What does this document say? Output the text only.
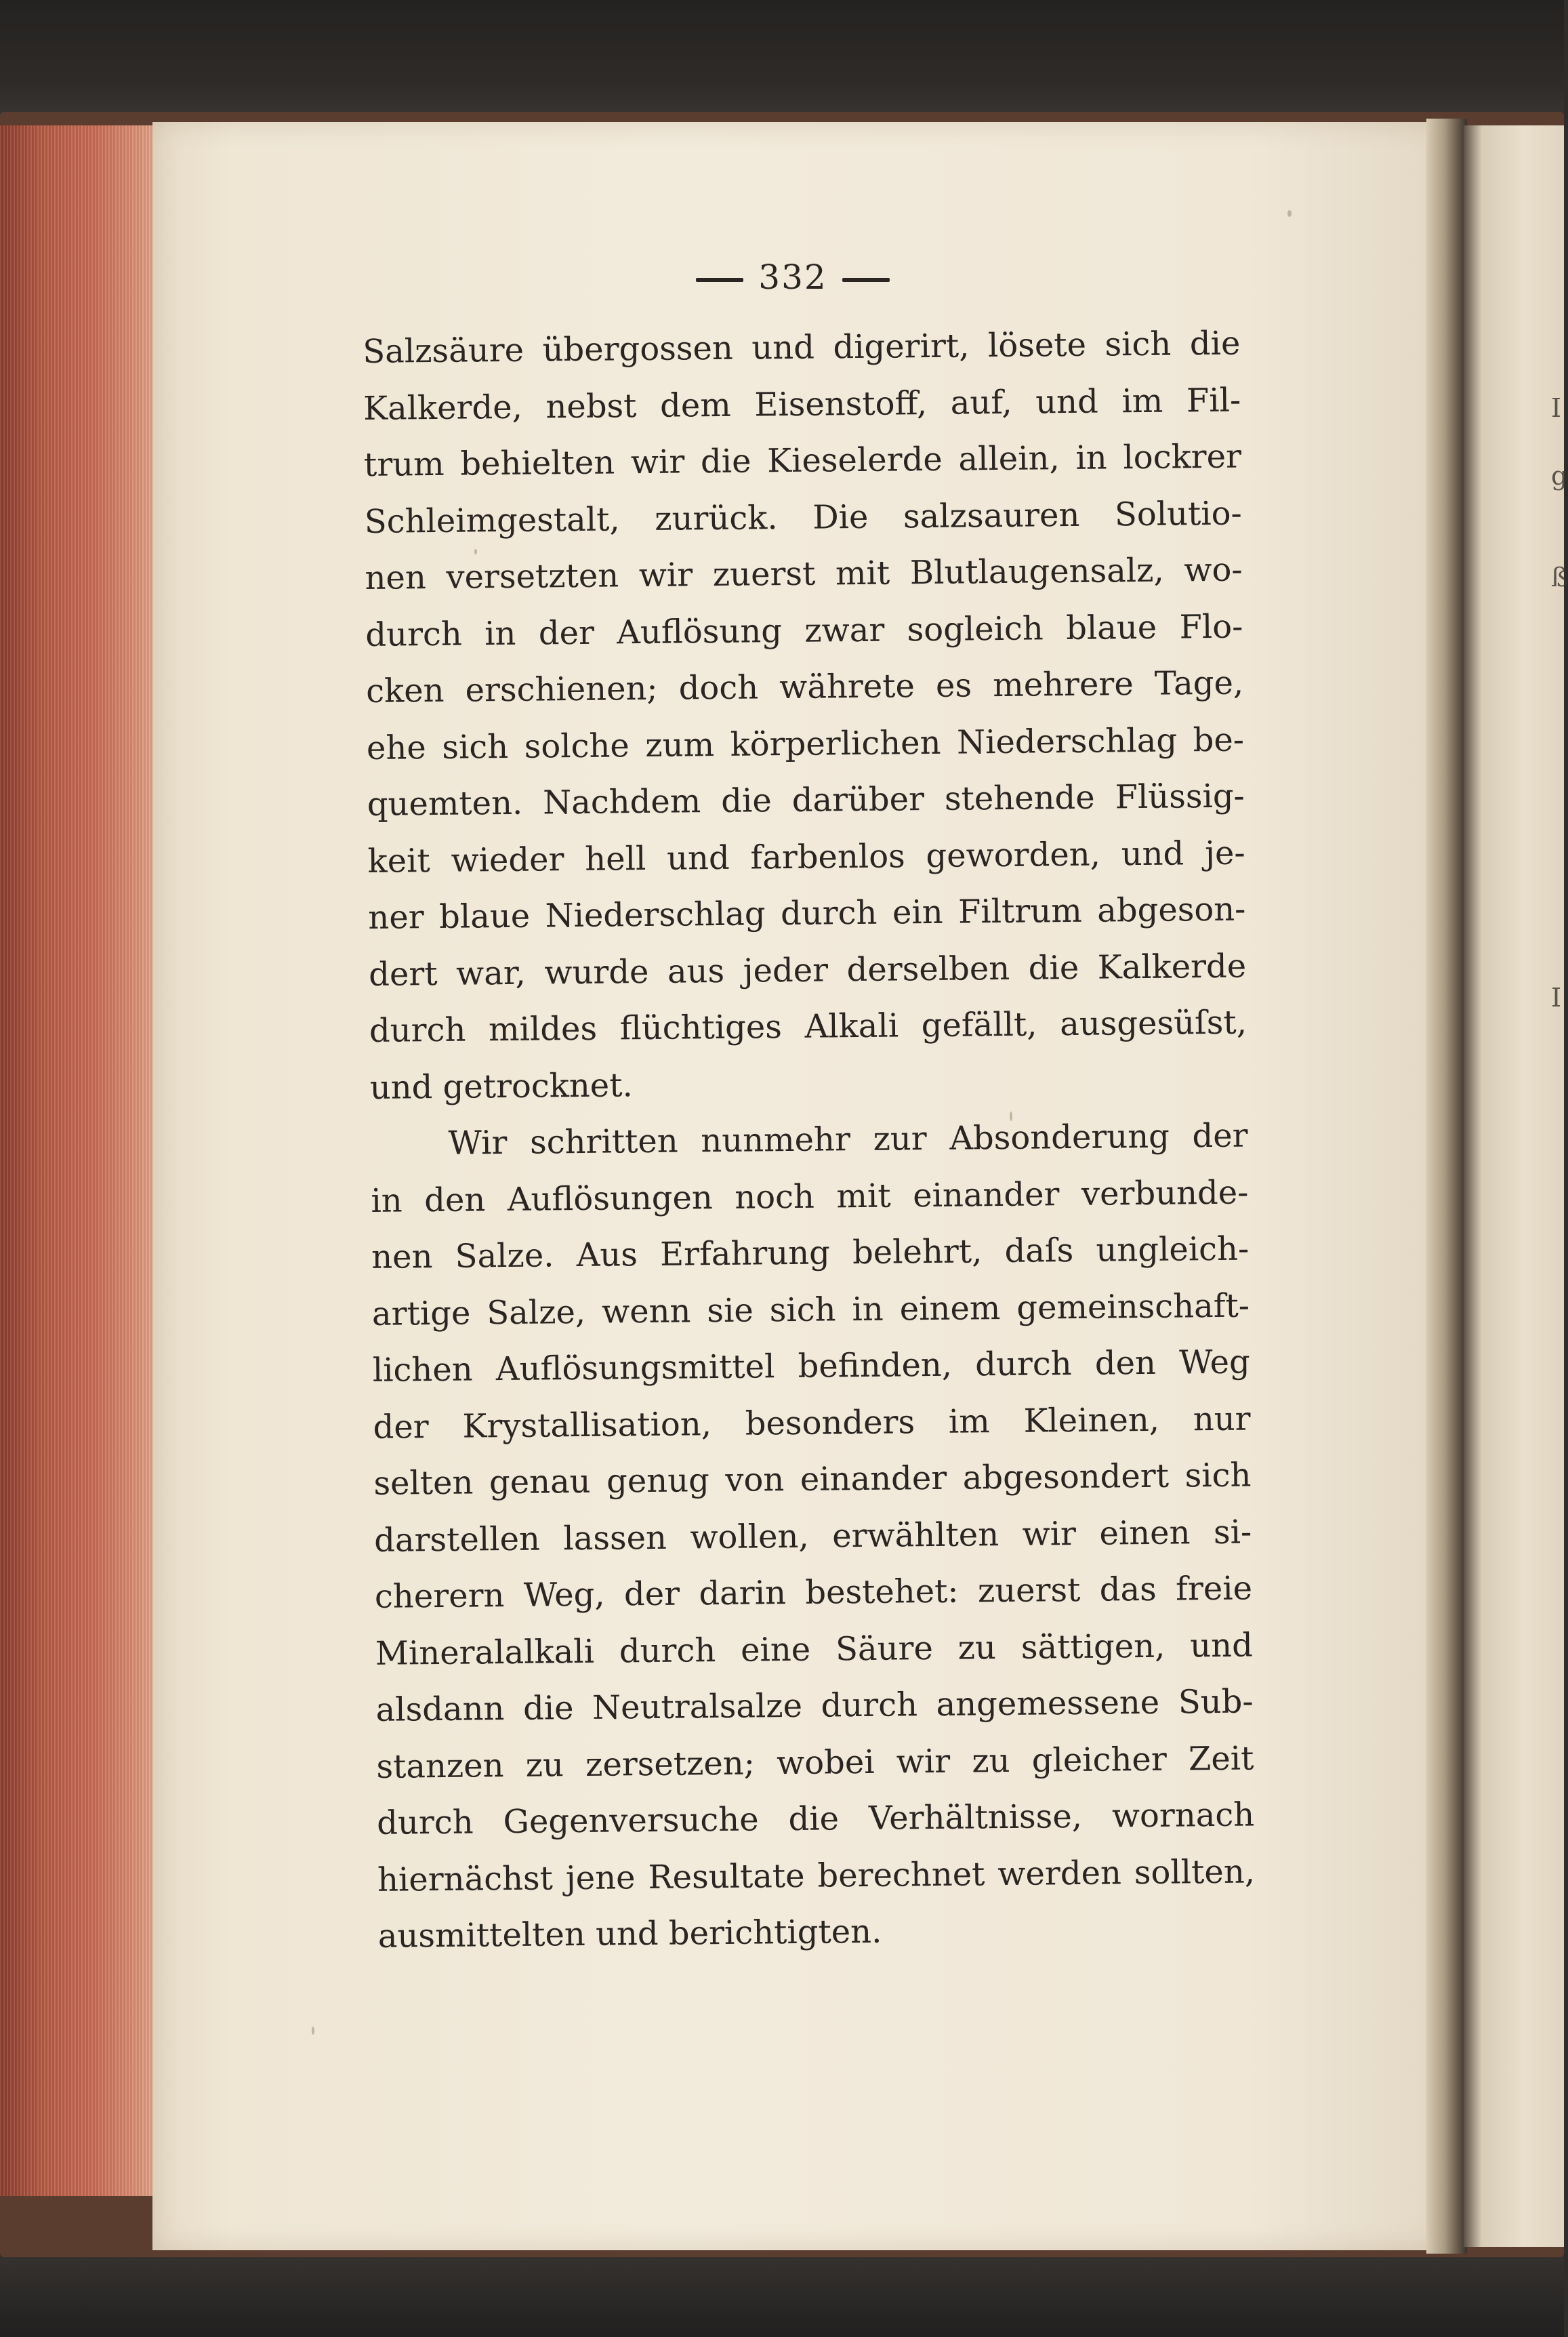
I
g
ß
I
332
Salzsäure übergossen und digerirt, lösete sich die
Kalkerde, nebst dem Eisenstoff, auf, und im Fil-
trum behielten wir die Kieselerde allein, in lockrer
Schleimgestalt, zurück. Die salzsauren Solutio-
nen versetzten wir zuerst mit Blutlaugensalz, wo-
durch in der Auflösung zwar sogleich blaue Flo-
cken erschienen; doch währete es mehrere Tage,
ehe sich solche zum körperlichen Niederschlag be-
quemten. Nachdem die darüber stehende Flüssig-
keit wieder hell und farbenlos geworden, und je-
ner blaue Niederschlag durch ein Filtrum abgeson-
dert war, wurde aus jeder derselben die Kalkerde
durch mildes flüchtiges Alkali gefällt, ausgesüſst,
und getrocknet.
Wir schritten nunmehr zur Absonderung der
in den Auflösungen noch mit einander verbunde-
nen Salze. Aus Erfahrung belehrt, daſs ungleich-
artige Salze, wenn sie sich in einem gemeinschaft-
lichen Auflösungsmittel befinden, durch den Weg
der Krystallisation, besonders im Kleinen, nur
selten genau genug von einander abgesondert sich
darstellen lassen wollen, erwählten wir einen si-
cherern Weg, der darin bestehet: zuerst das freie
Mineralalkali durch eine Säure zu sättigen, und
alsdann die Neutralsalze durch angemessene Sub-
stanzen zu zersetzen; wobei wir zu gleicher Zeit
durch Gegenversuche die Verhältnisse, wornach
hiernächst jene Resultate berechnet werden sollten,
ausmittelten und berichtigten.
